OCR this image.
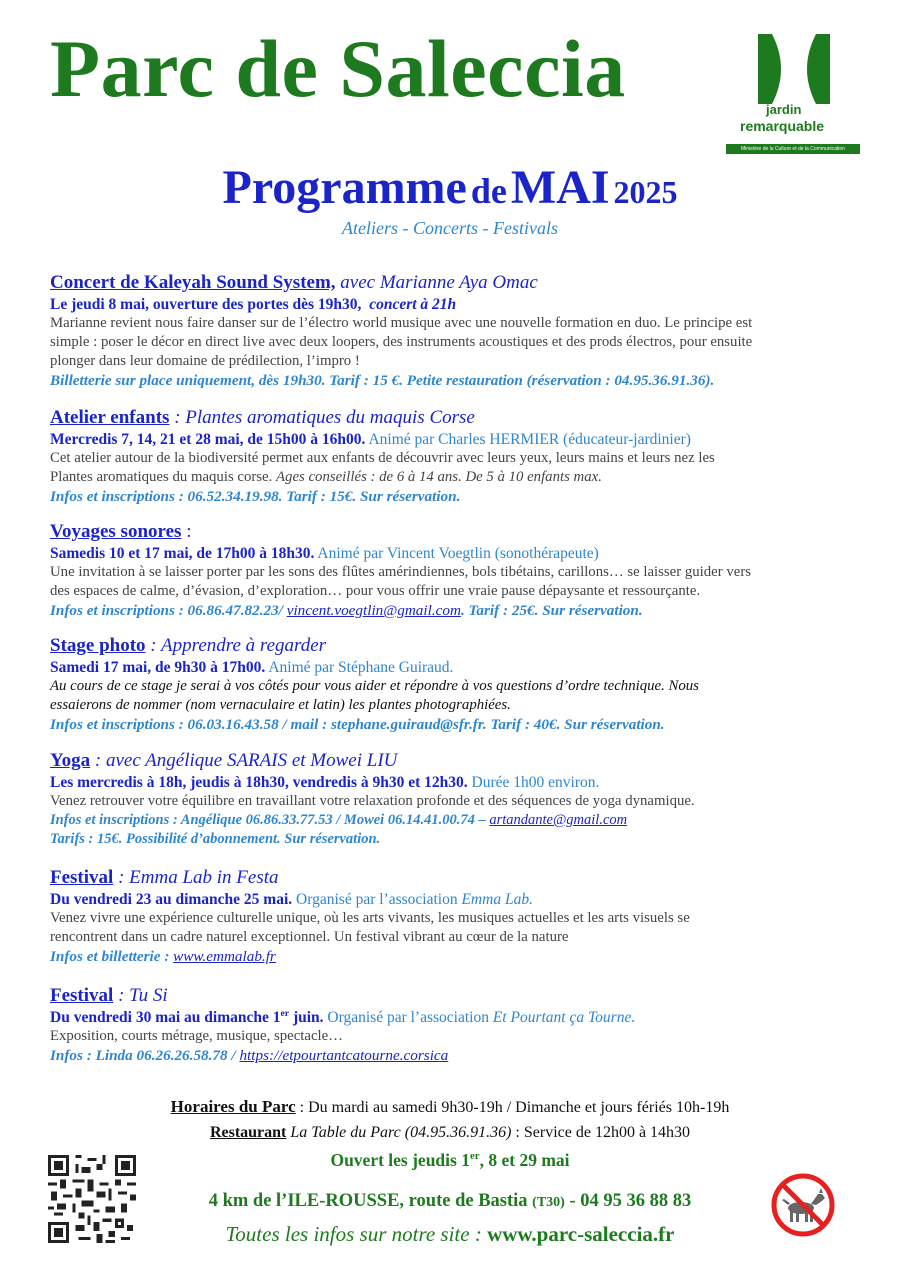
Parc de Saleccia	jardin
remarquable
Ministère de la Culture et de la Communication
Programme de MAI 2025
Ateliers - Concerts - Festivals
Concert de Kaleyah Sound System, avec Marianne Aya Omac
Le jeudi 8 mai, ouverture des portes dès 19h30, concert à 21h
Marianne revient nous faire danser sur de l’électro world musique avec une nouvelle formation en duo. Le principe est
simple : poser le décor en direct live avec deux loopers, des instruments acoustiques et des prods électros, pour ensuite
plonger dans leur domaine de prédilection, l’impro !
Billetterie sur place uniquement, dès 19h30. Tarif : 15 €. Petite restauration (réservation : 04.95.36.91.36).
Atelier enfants : Plantes aromatiques du maquis Corse
Mercredis 7, 14, 21 et 28 mai, de 15h00 à 16h00. Animé par Charles HERMIER (éducateur-jardinier)
Cet atelier autour de la biodiversité permet aux enfants de découvrir avec leurs yeux, leurs mains et leurs nez les
Plantes aromatiques du maquis corse. Ages conseillés : de 6 à 14 ans. De 5 à 10 enfants max.
Infos et inscriptions : 06.52.34.19.98. Tarif : 15€. Sur réservation.
Voyages sonores :
Samedis 10 et 17 mai, de 17h00 à 18h30. Animé par Vincent Voegtlin (sonothérapeute)
Une invitation à se laisser porter par les sons des flûtes amérindiennes, bols tibétains, carillons… se laisser guider vers
des espaces de calme, d’évasion, d’exploration… pour vous offrir une vraie pause dépaysante et ressourçante.
Infos et inscriptions : 06.86.47.82.23/ vincent.voegtlin@gmail.com. Tarif : 25€. Sur réservation.
Stage photo : Apprendre à regarder
Samedi 17 mai, de 9h30 à 17h00. Animé par Stéphane Guiraud.
Au cours de ce stage je serai à vos côtés pour vous aider et répondre à vos questions d’ordre technique. Nous
essaierons de nommer (nom vernaculaire et latin) les plantes photographiées.
Infos et inscriptions : 06.03.16.43.58 / mail : stephane.guiraud@sfr.fr. Tarif : 40€. Sur réservation.
Yoga : avec Angélique SARAIS et Mowei LIU
Les mercredis à 18h, jeudis à 18h30, vendredis à 9h30 et 12h30. Durée 1h00 environ.
Venez retrouver votre équilibre en travaillant votre relaxation profonde et des séquences de yoga dynamique.
Infos et inscriptions : Angélique 06.86.33.77.53 / Mowei 06.14.41.00.74 – artandante@gmail.com
Tarifs : 15€. Possibilité d’abonnement. Sur réservation.
Festival : Emma Lab in Festa
Du vendredi 23 au dimanche 25 mai. Organisé par l’association Emma Lab.
Venez vivre une expérience culturelle unique, où les arts vivants, les musiques actuelles et les arts visuels se
rencontrent dans un cadre naturel exceptionnel. Un festival vibrant au cœur de la nature
Infos et billetterie : www.emmalab.fr
Festival : Tu Si
Du vendredi 30 mai au dimanche 1er juin. Organisé par l’association Et Pourtant ça Tourne.
Exposition, courts métrage, musique, spectacle…
Infos : Linda 06.26.26.58.78 / https://etpourtantcatourne.corsica
Horaires du Parc : Du mardi au samedi 9h30-19h / Dimanche et jours fériés 10h-19h
Restaurant La Table du Parc (04.95.36.91.36) : Service de 12h00 à 14h30
Ouvert les jeudis 1er, 8 et 29 mai
4 km de l’ILE-ROUSSE, route de Bastia (T30) - 04 95 36 88 83
Toutes les infos sur notre site : www.parc-saleccia.fr
